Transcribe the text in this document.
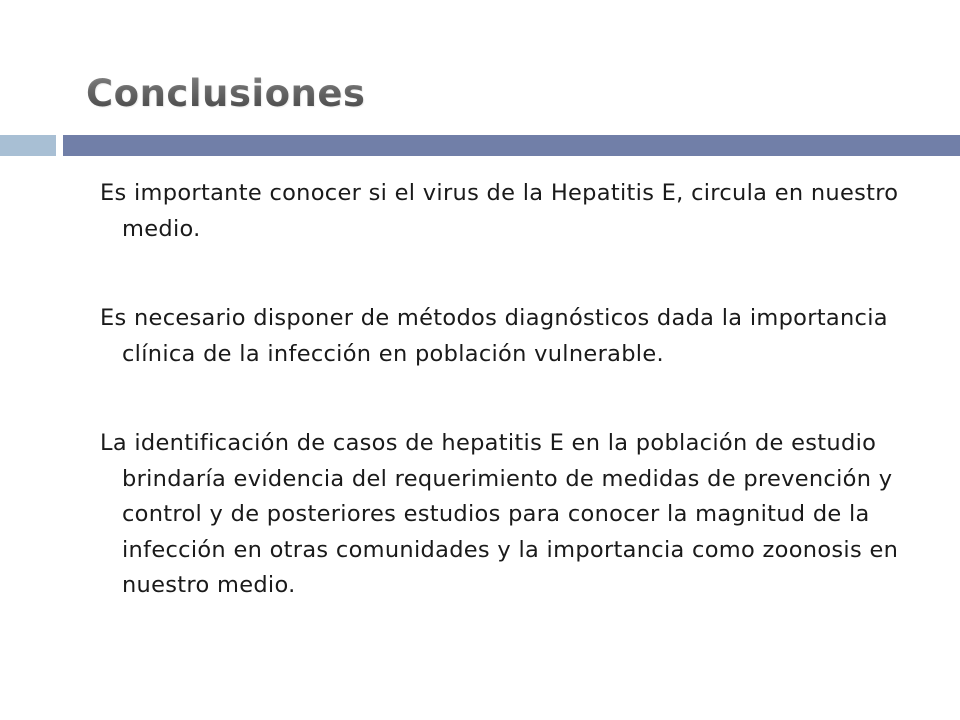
Conclusiones

Es importante conocer si el virus de la Hepatitis E, circula en nuestro medio.

Es necesario disponer de métodos diagnósticos dada la importancia clínica de la infección en población vulnerable.

La identificación de casos de hepatitis E en la población de estudio brindaría evidencia del requerimiento de medidas de prevención y control y de posteriores estudios para conocer la magnitud de la infección en otras comunidades y la importancia como zoonosis en nuestro medio.
